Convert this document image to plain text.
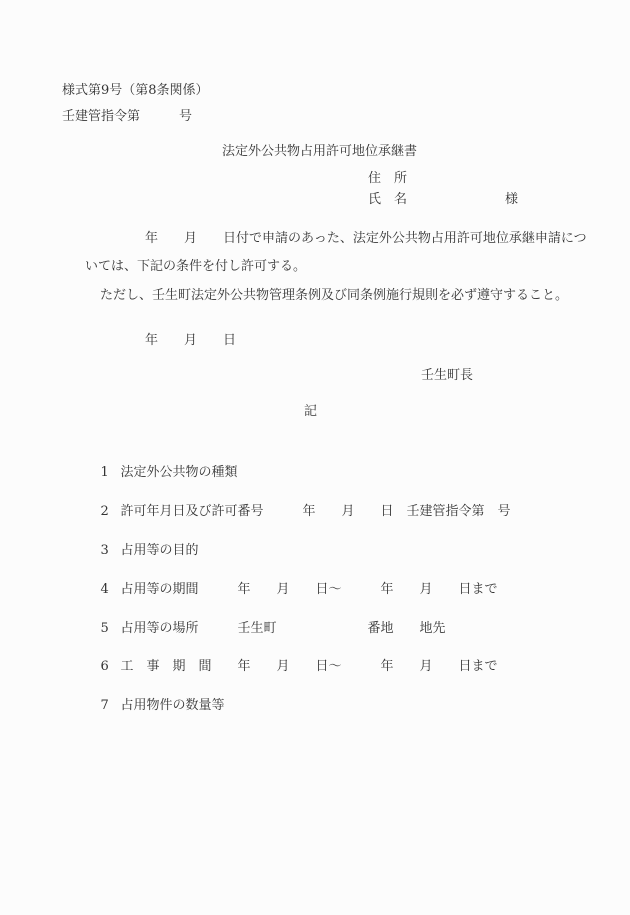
様式第9号（第8条関係）
壬建管指令第　　　号
法定外公共物占用許可地位承継書
住　所
氏　名	様
年　　月　　日付で申請のあった、法定外公共物占用許可地位承継申請につ
いては、下記の条件を付し許可する。
ただし、壬生町法定外公共物管理条例及び同条例施行規則を必ず遵守すること。
年　　月　　日
壬生町長
記

1 法定外公共物の種類

2 許可年月日及び許可番号　　　年　　月　　日　壬建管指令第　号

3 占用等の目的

4 占用等の期間　　　年　　月　　日～　　　年　　月　　日まで

5 占用等の場所　　　壬生町　　　　　　　番地　　地先

6 工　事　期　間　　年　　月　　日～　　　年　　月　　日まで

7 占用物件の数量等
